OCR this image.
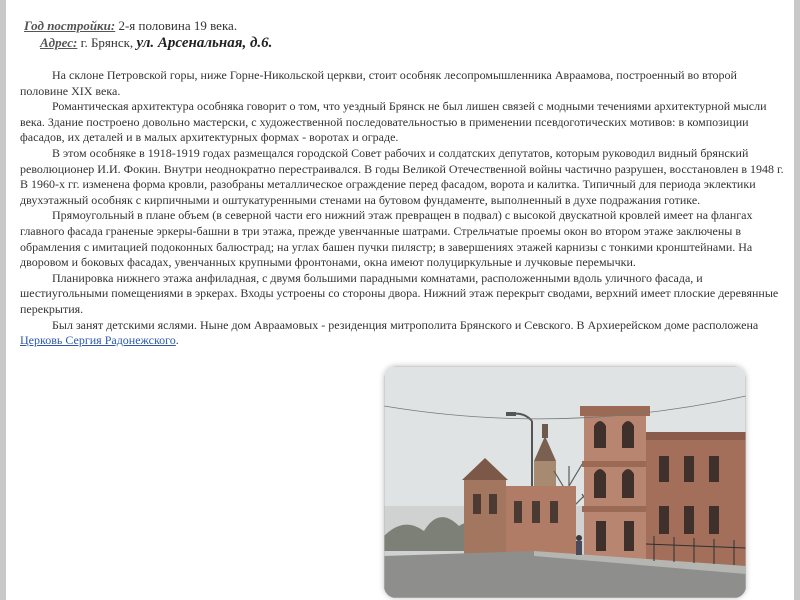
Год постройки: 2-я половина 19 века.
Адрес: г. Брянск, ул. Арсенальная, д.6.

На склоне Петровской горы, ниже Горне-Никольской церкви, стоит особняк лесопромышленника Авраамова, построенный во второй половине XIX века.

Романтическая архитектура особняка говорит о том, что уездный Брянск не был лишен связей с модными течениями архитектурной мысли века. Здание построено довольно мастерски, с художественной последовательностью в применении псевдоготических мотивов: в композиции фасадов, их деталей и в малых архитектурных формах - воротах и ограде.

В этом особняке в 1918-1919 годах размещался городской Совет рабочих и солдатских депутатов, которым руководил видный брянский революционер И.И. Фокин. Внутри неоднократно перестраивался. В годы Великой Отечественной войны частично разрушен, восстановлен в 1948 г. В 1960-х гг. изменена форма кровли, разобраны металлическое ограждение перед фасадом, ворота и калитка. Типичный для периода эклектики двухэтажный особняк с кирпичными и оштукатуренными стенами на бутовом фундаменте, выполненный в духе подражания готике.

Прямоугольный в плане объем (в северной части его нижний этаж превращен в подвал) с высокой двускатной кровлей имеет на флангах главного фасада граненые эркеры-башни в три этажа, прежде увенчанные шатрами. Стрельчатые проемы окон во втором этаже заключены в обрамления с имитацией подоконных балюстрад; на углах башен пучки пилястр; в завершениях этажей карнизы с тонкими кронштейнами. На дворовом и боковых фасадах, увенчанных крупными фронтонами, окна имеют полуциркульные и лучковые перемычки.

Планировка нижнего этажа анфиладная, с двумя большими парадными комнатами, расположенными вдоль уличного фасада, и шестиугольными помещениями в эркерах. Входы устроены со стороны двора. Нижний этаж перекрыт сводами, верхний имеет плоские деревянные перекрытия.

Был занят детскими яслями. Ныне дом Авраамовых - резиденция митрополита Брянского и Севского. В Архиерейском доме расположена Церковь Сергия Радонежского.
